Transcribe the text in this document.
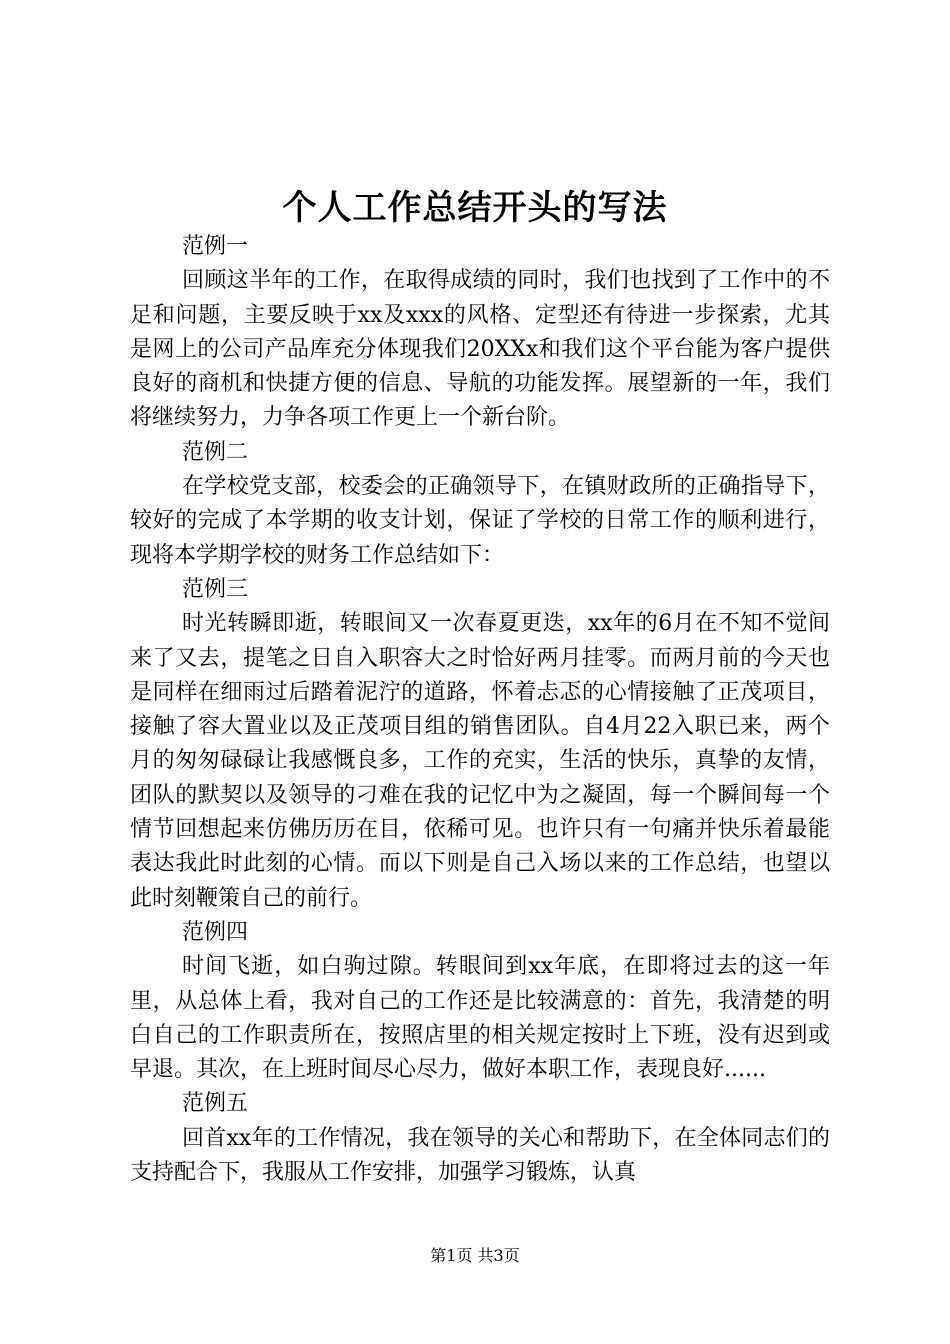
个人工作总结开头的写法

范例一

回顾这半年的工作，在取得成绩的同时，我们也找到了工作中的不足和问题，主要反映于xx及xxx的风格、定型还有待进一步探索，尤其是网上的公司产品库充分体现我们20XXx和我们这个平台能为客户提供良好的商机和快捷方便的信息、导航的功能发挥。展望新的一年，我们将继续努力，力争各项工作更上一个新台阶。

范例二

在学校党支部，校委会的正确领导下，在镇财政所的正确指导下，较好的完成了本学期的收支计划，保证了学校的日常工作的顺利进行，现将本学期学校的财务工作总结如下：

范例三

时光转瞬即逝，转眼间又一次春夏更迭，xx年的6月在不知不觉间来了又去，提笔之日自入职容大之时恰好两月挂零。而两月前的今天也是同样在细雨过后踏着泥泞的道路，怀着忐忑的心情接触了正茂项目，接触了容大置业以及正茂项目组的销售团队。自4月22入职已来，两个月的匆匆碌碌让我感慨良多，工作的充实，生活的快乐，真挚的友情，团队的默契以及领导的刁难在我的记忆中为之凝固，每一个瞬间每一个情节回想起来仿佛历历在目，依稀可见。也许只有一句痛并快乐着最能表达我此时此刻的心情。而以下则是自己入场以来的工作总结，也望以此时刻鞭策自己的前行。

范例四

时间飞逝，如白驹过隙。转眼间到xx年底，在即将过去的这一年里，从总体上看，我对自己的工作还是比较满意的：首先，我清楚的明白自己的工作职责所在，按照店里的相关规定按时上下班，没有迟到或早退。其次，在上班时间尽心尽力，做好本职工作，表现良好......

范例五

回首xx年的工作情况，我在领导的关心和帮助下，在全体同志们的支持配合下，我服从工作安排，加强学习锻炼，认真

第1页 共3页
